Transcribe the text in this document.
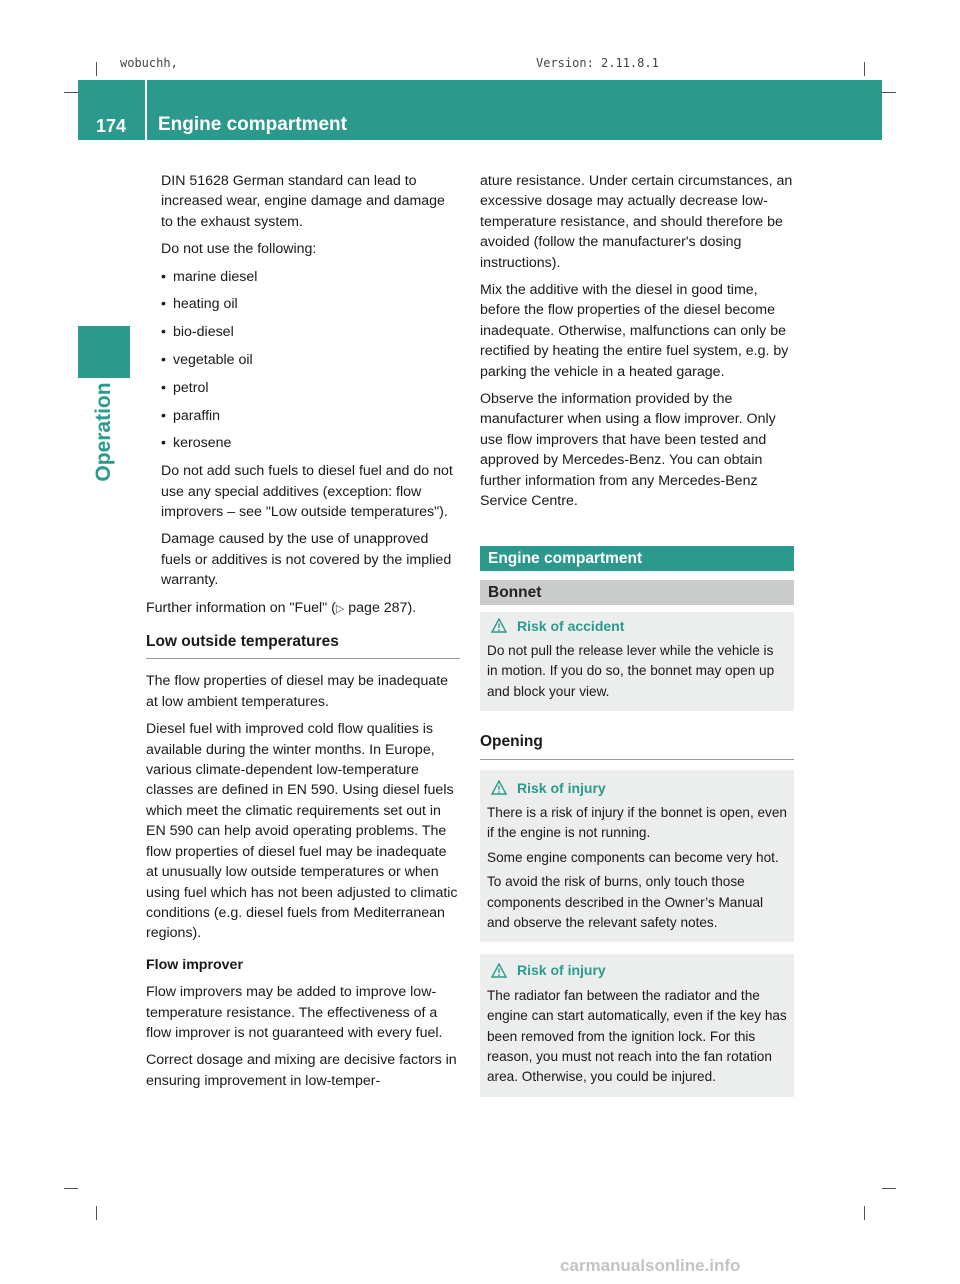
wobuchh,	Version: 2.11.8.1
174	Engine compartment
Operation

DIN 51628 German standard can lead to increased wear, engine damage and damage to the exhaust system.

Do not use the following:

• marine diesel
• heating oil
• bio-diesel
• vegetable oil
• petrol
• paraffin
• kerosene

Do not add such fuels to diesel fuel and do not use any special additives (exception: flow improvers – see "Low outside temperatures").

Damage caused by the use of unapproved fuels or additives is not covered by the implied warranty.

Further information on "Fuel" (▷ page 287).

Low outside temperatures

The flow properties of diesel may be inadequate at low ambient temperatures.

Diesel fuel with improved cold flow qualities is available during the winter months. In Europe, various climate-dependent low-temperature classes are defined in EN 590. Using diesel fuels which meet the climatic requirements set out in EN 590 can help avoid operating problems. The flow properties of diesel fuel may be inadequate at unusually low outside temperatures or when using fuel which has not been adjusted to climatic conditions (e.g. diesel fuels from Mediterranean regions).

Flow improver

Flow improvers may be added to improve low-temperature resistance. The effectiveness of a flow improver is not guaranteed with every fuel.

Correct dosage and mixing are decisive factors in ensuring improvement in low-temper-

ature resistance. Under certain circumstances, an excessive dosage may actually decrease low-temperature resistance, and should therefore be avoided (follow the manufacturer's dosing instructions).

Mix the additive with the diesel in good time, before the flow properties of the diesel become inadequate. Otherwise, malfunctions can only be rectified by heating the entire fuel system, e.g. by parking the vehicle in a heated garage.

Observe the information provided by the manufacturer when using a flow improver. Only use flow improvers that have been tested and approved by Mercedes-Benz. You can obtain further information from any Mercedes-Benz Service Centre.

Engine compartment
Bonnet
Risk of accident

Do not pull the release lever while the vehicle is in motion. If you do so, the bonnet may open up and block your view.

Opening
Risk of injury

There is a risk of injury if the bonnet is open, even if the engine is not running.

Some engine components can become very hot.

To avoid the risk of burns, only touch those components described in the Owner’s Manual and observe the relevant safety notes.

Risk of injury

The radiator fan between the radiator and the engine can start automatically, even if the key has been removed from the ignition lock. For this reason, you must not reach into the fan rotation area. Otherwise, you could be injured.

carmanualsonline.info
